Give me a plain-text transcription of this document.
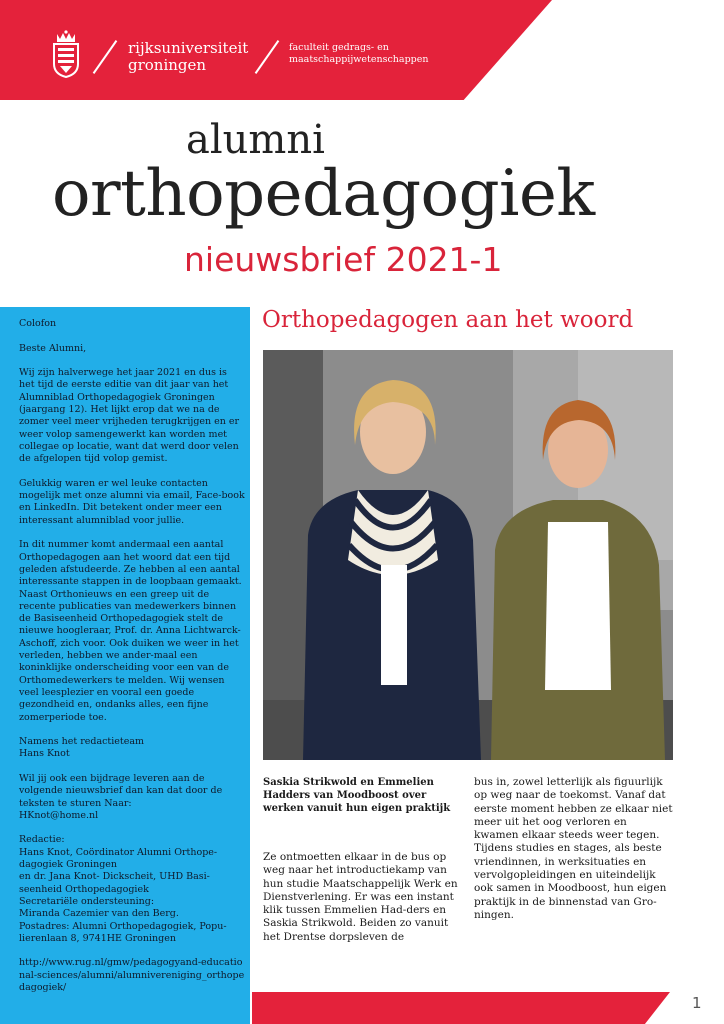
rijksuniversiteit
groningen
faculteit gedrags- en
maatschappijwetenschappen
alumni
orthopedagogiek
nieuwsbrief 2021-1

Colofon

Beste Alumni,

Wij zijn halverwege het jaar 2021 en dus is het tijd de eerste editie van dit jaar van het Alumniblad Orthopedagogiek Groningen (jaargang 12). Het lijkt erop dat we na de zomer veel meer vrijheden terugkrijgen en er weer volop samengewerkt kan worden met collegae op locatie, want dat werd door velen de afgelopen tijd volop gemist.

Gelukkig waren er wel leuke contacten mogelijk met onze alumni via email, Face-book en LinkedIn. Dit betekent onder meer een interessant alumniblad voor jullie.

In dit nummer komt andermaal een aantal Orthopedagogen aan het woord dat een tijd geleden afstudeerde. Ze hebben al een aantal interessante stappen in de loopbaan gemaakt. Naast Orthonieuws en een greep uit de recente publicaties van medewerkers binnen de Basiseenheid Orthopedagogiek stelt de nieuwe hoogleraar, Prof. dr. Anna Lichtwarck-Aschoff, zich voor. Ook duiken we weer in het verleden, hebben we ander-maal een koninklijke onderscheiding voor een van de Orthomedewerkers te melden. Wij wensen veel leesplezier en vooral een goede gezondheid en, ondanks alles, een fijne zomerperiode toe.

Namens het redactieteam
Hans Knot

Wil jij ook een bijdrage leveren aan de volgende nieuwsbrief dan kan dat door de teksten te sturen Naar:
HKnot@home.nl

Redactie:
Hans Knot, Coördinator Alumni Orthope-dagogiek Groningen
en dr. Jana Knot- Dickscheit, UHD Basi-seenheid Orthopedagogiek
Secretariële ondersteuning:
Miranda Cazemier van den Berg.
Postadres: Alumni Orthopedagogiek, Popu-lierenlaan 8, 9741HE Groningen

http://www.rug.nl/gmw/pedagogyand-educational-sciences/alumni/alumnivereniging_orthopedagogiek/

Orthopedagogen aan het woord
Saskia Strikwold en Emmelien Hadders van Moodboost over werken vanuit hun eigen praktijk
Ze ontmoetten elkaar in de bus op weg naar het introductiekamp van hun studie Maatschappelijk Werk en Dienstverlening. Er was een instant klik tussen Emmelien Had-ders en Saskia Strikwold. Beiden zo vanuit het Drentse dorpsleven de
bus in, zowel letterlijk als figuurlijk op weg naar de toekomst. Vanaf dat eerste moment hebben ze elkaar niet meer uit het oog verloren en kwamen elkaar steeds weer tegen. Tijdens studies en stages, als beste vriendinnen, in werksituaties en vervolgopleidingen en uiteindelijk ook samen in Moodboost, hun eigen praktijk in de binnenstad van Gro-ningen.
1
